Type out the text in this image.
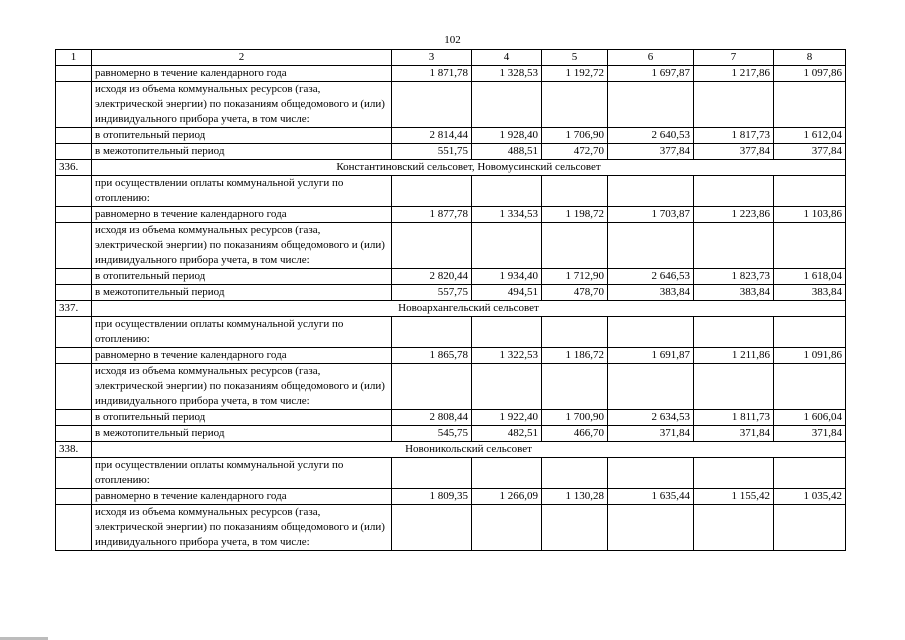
102
1	2	3	4	5	6	7	8
	равномерно в течение календарного года	1 871,78	1 328,53	1 192,72	1 697,87	1 217,86	1 097,86
	исходя из объема коммунальных ресурсов (газа, электрической энергии) по показаниям общедомового и (или) индивидуального прибора учета, в том числе:						
	в отопительный период	2 814,44	1 928,40	1 706,90	2 640,53	1 817,73	1 612,04
	в межотопительный период	551,75	488,51	472,70	377,84	377,84	377,84
336.	Константиновский сельсовет, Новомусинский сельсовет						
	при осуществлении оплаты коммунальной услуги по отоплению:						
	равномерно в течение календарного года	1 877,78	1 334,53	1 198,72	1 703,87	1 223,86	1 103,86
	исходя из объема коммунальных ресурсов (газа, электрической энергии) по показаниям общедомового и (или) индивидуального прибора учета, в том числе:						
	в отопительный период	2 820,44	1 934,40	1 712,90	2 646,53	1 823,73	1 618,04
	в межотопительный период	557,75	494,51	478,70	383,84	383,84	383,84
337.	Новоархангельский сельсовет						
	при осуществлении оплаты коммунальной услуги по отоплению:						
	равномерно в течение календарного года	1 865,78	1 322,53	1 186,72	1 691,87	1 211,86	1 091,86
	исходя из объема коммунальных ресурсов (газа, электрической энергии) по показаниям общедомового и (или) индивидуального прибора учета, в том числе:						
	в отопительный период	2 808,44	1 922,40	1 700,90	2 634,53	1 811,73	1 606,04
	в межотопительный период	545,75	482,51	466,70	371,84	371,84	371,84
338.	Новоникольский сельсовет						
	при осуществлении оплаты коммунальной услуги по отоплению:						
	равномерно в течение календарного года	1 809,35	1 266,09	1 130,28	1 635,44	1 155,42	1 035,42
	исходя из объема коммунальных ресурсов (газа, электрической энергии) по показаниям общедомового и (или) индивидуального прибора учета, в том числе:						
